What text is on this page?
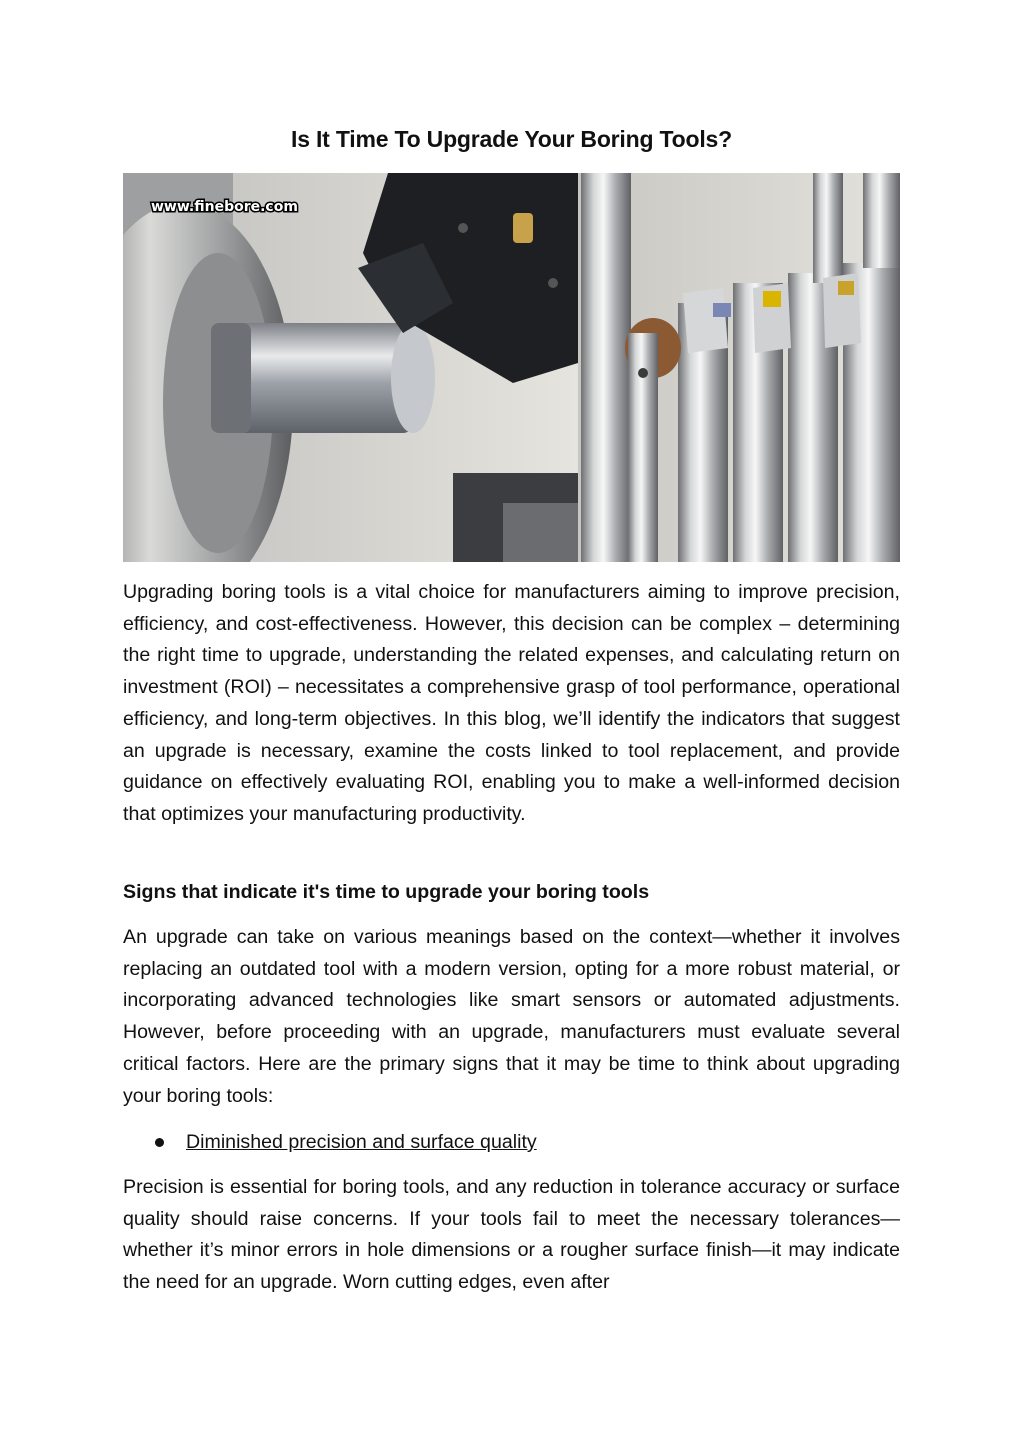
Is It Time To Upgrade Your Boring Tools?
www.finebore.com

Upgrading boring tools is a vital choice for manufacturers aiming to improve precision, efficiency, and cost-effectiveness. However, this decision can be complex – determining the right time to upgrade, understanding the related expenses, and calculating return on investment (ROI) – necessitates a comprehensive grasp of tool performance, operational efficiency, and long-term objectives. In this blog, we’ll identify the indicators that suggest an upgrade is necessary, examine the costs linked to tool replacement, and provide guidance on effectively evaluating ROI, enabling you to make a well-informed decision that optimizes your manufacturing productivity.

Signs that indicate it's time to upgrade your boring tools

An upgrade can take on various meanings based on the context—whether it involves replacing an outdated tool with a modern version, opting for a more robust material, or incorporating advanced technologies like smart sensors or automated adjustments. However, before proceeding with an upgrade, manufacturers must evaluate several critical factors. Here are the primary signs that it may be time to think about upgrading your boring tools:

Diminished precision and surface quality

Precision is essential for boring tools, and any reduction in tolerance accuracy or surface quality should raise concerns. If your tools fail to meet the necessary tolerances—whether it’s minor errors in hole dimensions or a rougher surface finish—it may indicate the need for an upgrade. Worn cutting edges, even after
